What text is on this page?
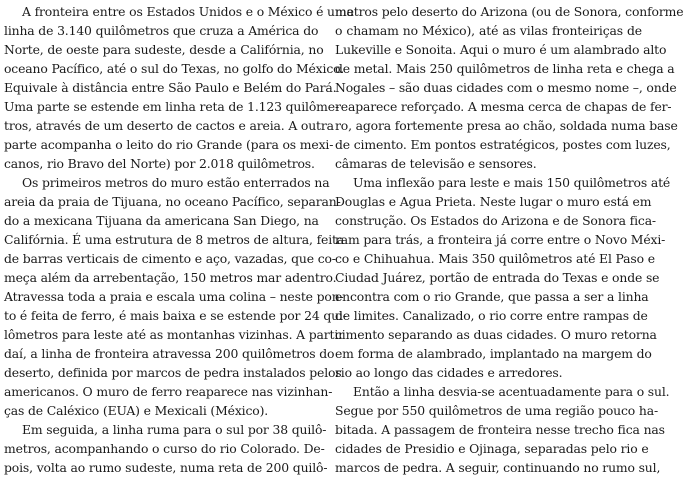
A fronteira entre os Estados Unidos e o México é uma
linha de 3.140 quilômetros que cruza a América do
Norte, de oeste para sudeste, desde a Califórnia, no
oceano Pacífico, até o sul do Texas, no golfo do México.
Equivale à distância entre São Paulo e Belém do Pará.
Uma parte se estende em linha reta de 1.123 quilôme-
tros, através de um deserto de cactos e areia. A outra
parte acompanha o leito do rio Grande (para os mexi-
canos, rio Bravo del Norte) por 2.018 quilômetros.
Os primeiros metros do muro estão enterrados na
areia da praia de Tijuana, no oceano Pacífico, separan-
do a mexicana Tijuana da americana San Diego, na
Califórnia. É uma estrutura de 8 metros de altura, feita
de barras verticais de cimento e aço, vazadas, que co-
meça além da arrebentação, 150 metros mar adentro.
Atravessa toda a praia e escala uma colina – neste pon-
to é feita de ferro, é mais baixa e se estende por 24 qui-
lômetros para leste até as montanhas vizinhas. A partir
daí, a linha de fronteira atravessa 200 quilômetros do
deserto, definida por marcos de pedra instalados pelos
americanos. O muro de ferro reaparece nas vizinhan-
ças de Caléxico (EUA) e Mexicali (México).
Em seguida, a linha ruma para o sul por 38 quilô-
metros, acompanhando o curso do rio Colorado. De-
pois, volta ao rumo sudeste, numa reta de 200 quilô-
metros pelo deserto do Arizona (ou de Sonora, conforme
o chamam no México), até as vilas fronteiriças de
Lukeville e Sonoita. Aqui o muro é um alambrado alto
de metal. Mais 250 quilômetros de linha reta e chega a
Nogales – são duas cidades com o mesmo nome –, onde
reaparece reforçado. A mesma cerca de chapas de fer-
ro, agora fortemente presa ao chão, soldada numa base
de cimento. Em pontos estratégicos, postes com luzes,
câmaras de televisão e sensores.
Uma inflexão para leste e mais 150 quilômetros até
Douglas e Agua Prieta. Neste lugar o muro está em
construção. Os Estados do Arizona e de Sonora fica-
ram para trás, a fronteira já corre entre o Novo Méxi-
co e Chihuahua. Mais 350 quilômetros até El Paso e
Ciudad Juárez, portão de entrada do Texas e onde se
encontra com o rio Grande, que passa a ser a linha
de limites. Canalizado, o rio corre entre rampas de
cimento separando as duas cidades. O muro retorna
em forma de alambrado, implantado na margem do
rio ao longo das cidades e arredores.
Então a linha desvia-se acentuadamente para o sul.
Segue por 550 quilômetros de uma região pouco ha-
bitada. A passagem de fronteira nesse trecho fica nas
cidades de Presidio e Ojinaga, separadas pelo rio e
marcos de pedra. A seguir, continuando no rumo sul,
